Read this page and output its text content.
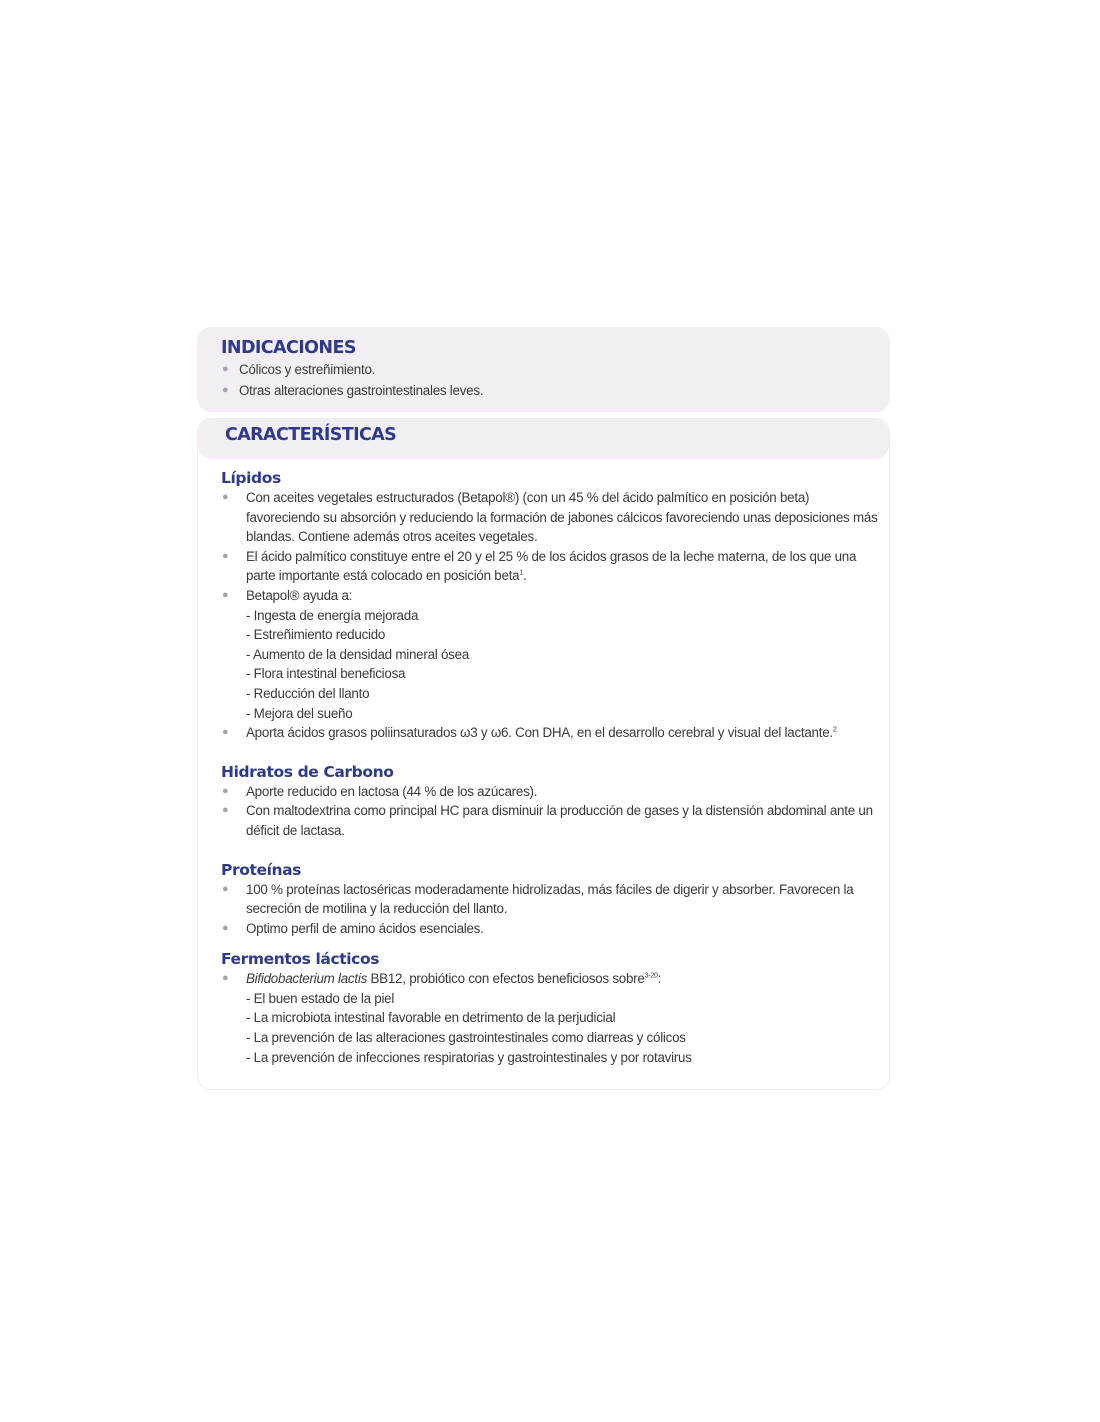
INDICACIONES
● Cólicos y estreñimiento.
● Otras alteraciones gastrointestinales leves.
CARACTERÍSTICAS
Lípidos
● Con aceites vegetales estructurados (Betapol®) (con un 45 % del ácido palmítico en posición beta) favoreciendo su absorción y reduciendo la formación de jabones cálcicos favoreciendo unas deposiciones más blandas. Contiene además otros aceites vegetales.
● El ácido palmítico constituye entre el 20 y el 25 % de los ácidos grasos de la leche materna, de los que una parte importante está colocado en posición beta$^1$.
● Betapol® ayuda a:
- Ingesta de energía mejorada
- Estreñimiento reducido
- Aumento de la densidad mineral ósea
- Flora intestinal beneficiosa
- Reducción del llanto
- Mejora del sueño
● Aporta ácidos grasos poliinsaturados ω3 y ω6. Con DHA, en el desarrollo cerebral y visual del lactante.$^2$
Hidratos de Carbono
● Aporte reducido en lactosa (44 % de los azúcares).
● Con maltodextrina como principal HC para disminuir la producción de gases y la distensión abdominal ante un déficit de lactasa.
Proteínas
● 100 % proteínas lactoséricas moderadamente hidrolizadas, más fáciles de digerir y absorber. Favorecen la secreción de motilina y la reducción del llanto.
● Optimo perfil de amino ácidos esenciales.
Fermentos lácticos
● Bifidobacterium lactis BB12, probiótico con efectos beneficiosos sobre$^{3-20}$:
- El buen estado de la piel
- La microbiota intestinal favorable en detrimento de la perjudicial
- La prevención de las alteraciones gastrointestinales como diarreas y cólicos
- La prevención de infecciones respiratorias y gastrointestinales y por rotavirus
